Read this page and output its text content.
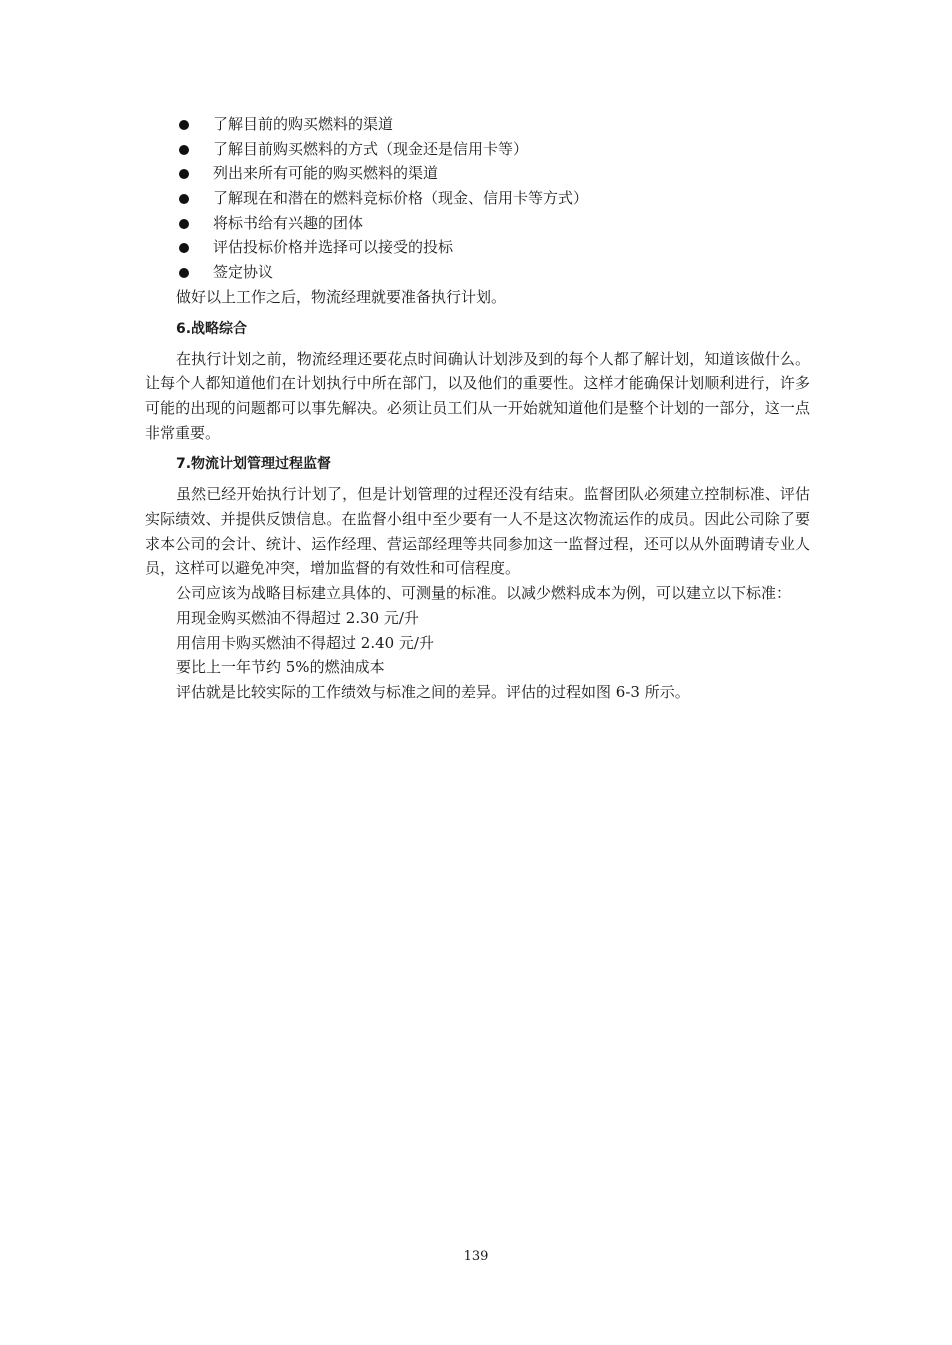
了解目前的购买燃料的渠道
了解目前购买燃料的方式（现金还是信用卡等）
列出来所有可能的购买燃料的渠道
了解现在和潜在的燃料竞标价格（现金、信用卡等方式）
将标书给有兴趣的团体
评估投标价格并选择可以接受的投标
签定协议

做好以上工作之后，物流经理就要准备执行计划。

6.战略综合

在执行计划之前，物流经理还要花点时间确认计划涉及到的每个人都了解计划，知道该做什么。让每个人都知道他们在计划执行中所在部门，以及他们的重要性。这样才能确保计划顺利进行，许多可能的出现的问题都可以事先解决。必须让员工们从一开始就知道他们是整个计划的一部分，这一点非常重要。

7.物流计划管理过程监督

虽然已经开始执行计划了，但是计划管理的过程还没有结束。监督团队必须建立控制标准、评估实际绩效、并提供反馈信息。在监督小组中至少要有一人不是这次物流运作的成员。因此公司除了要求本公司的会计、统计、运作经理、营运部经理等共同参加这一监督过程，还可以从外面聘请专业人员，这样可以避免冲突，增加监督的有效性和可信程度。

公司应该为战略目标建立具体的、可测量的标准。以减少燃料成本为例，可以建立以下标准：

用现金购买燃油不得超过 2.30 元/升

用信用卡购买燃油不得超过 2.40 元/升

要比上一年节约 5%的燃油成本

评估就是比较实际的工作绩效与标准之间的差异。评估的过程如图 6-3 所示。

139
